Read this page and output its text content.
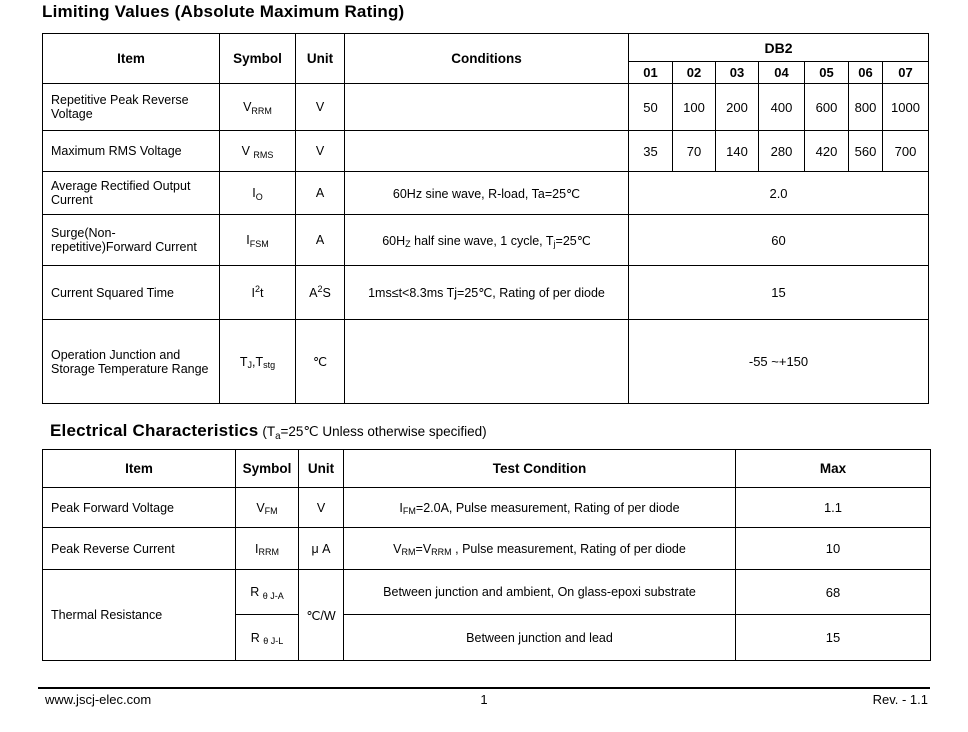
Limiting Values (Absolute Maximum Rating)
Item	Symbol	Unit	Conditions	DB2						
				01	02	03	04	05	06	07
Repetitive Peak Reverse Voltage	$V_{RRM}$	V		50	100	200	400	600	800	1000
Maximum RMS Voltage	V $_{RMS}$	V		35	70	140	280	420	560	700
Average Rectified Output Current	$I_O$	A	60Hz sine wave, R-load, Ta=25℃	2.0						
Surge(Non-repetitive)Forward Current	$I_{FSM}$	A	$60H_Z$ half sine wave, 1 cycle, $T_j=25℃$	60						
Current Squared Time	$I^2t$	$A^2S$	1ms≤t<8.3ms Tj=25℃, Rating of per diode	15						
Operation Junction and Storage Temperature Range	$T_J,T_{stg}$	℃		-55 ~+150						
Electrical Characteristics ($T_a=25℃$ Unless otherwise specified)
Item	Symbol	Unit	Test Condition	Max
Peak Forward Voltage	$V_{FM}$	V	$I_{FM}=2.0A$, Pulse measurement, Rating of per diode	1.1
Peak Reverse Current	$I_{RRM}$	μ A	$V_{RM}=V_{RRM}$ , Pulse measurement, Rating of per diode	10
Thermal Resistance	R $_{\theta J-A}$	℃/W	Between junction and ambient, On glass-epoxi substrate	68
	R $_{\theta J-L}$		Between junction and lead	15
www.jscj-elec.com	1	Rev. - 1.1
